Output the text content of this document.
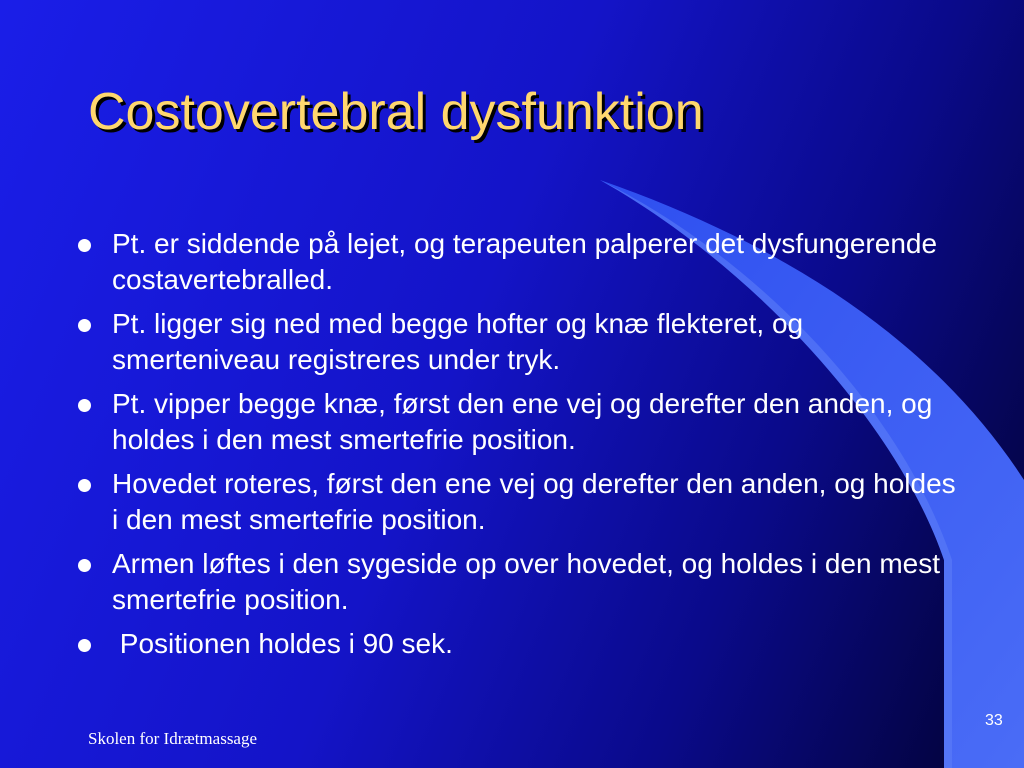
Costovertebral dysfunktion
Pt. er siddende på lejet, og terapeuten palperer det dysfungerende costavertebralled.
Pt. ligger sig ned med begge hofter og knæ flekteret, og smerteniveau registreres under tryk.
Pt. vipper begge knæ, først den ene vej og derefter den anden, og holdes i den mest smertefrie position.
Hovedet roteres, først den ene vej og derefter den anden, og holdes i den mest smertefrie position.
Armen løftes i den sygeside op over hovedet, og holdes i den mest smertefrie position.
Positionen holdes i 90 sek.
Skolen for Idrætmassage
33
